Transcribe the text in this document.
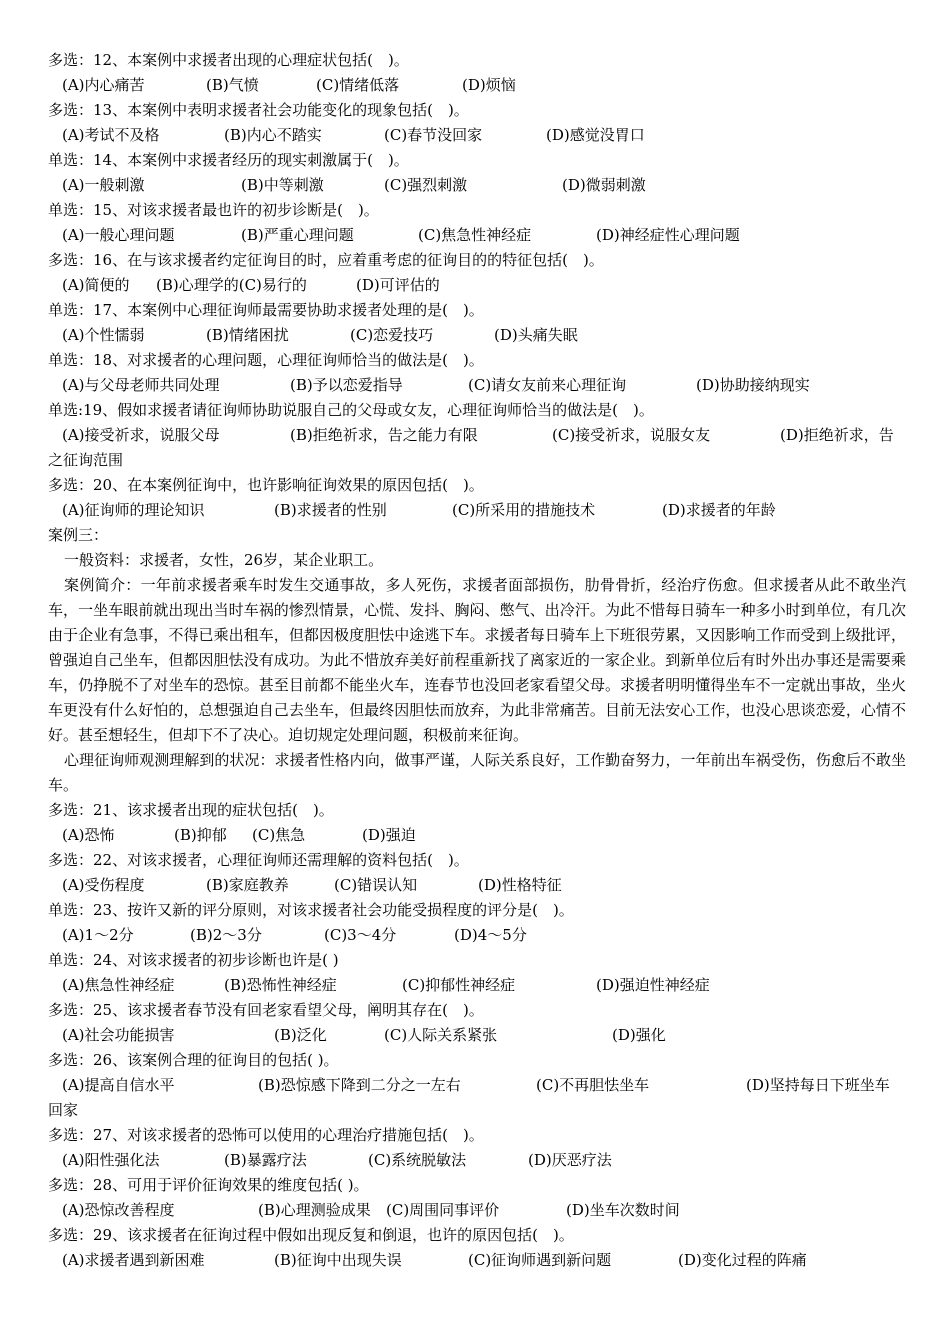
多选：12、本案例中求援者出现的心理症状包括(　)。
(A)内心痛苦	(B)气愤	(C)情绪低落	(D)烦恼
多选：13、本案例中表明求援者社会功能变化的现象包括(　)。
(A)考试不及格	(B)内心不踏实	(C)春节没回家	(D)感觉没胃口
单选：14、本案例中求援者经历的现实刺激属于(　)。
(A)一般刺激	(B)中等刺激	(C)强烈刺激	(D)微弱刺激
单选：15、对该求援者最也许的初步诊断是(　)。
(A)一般心理问题	(B)严重心理问题	(C)焦急性神经症	(D)神经症性心理问题
多选：16、在与该求援者约定征询目的时，应着重考虑的征询目的的特征包括(　)。
(A)简便的 (B)心理学的(C)易行的	(D)可评估的
单选：17、本案例中心理征询师最需要协助求援者处理的是(　)。
(A)个性懦弱	(B)情绪困扰	(C)恋爱技巧	(D)头痛失眠
单选：18、对求援者的心理问题，心理征询师恰当的做法是(　)。
(A)与父母老师共同处理	(B)予以恋爱指导	(C)请女友前来心理征询	(D)协助接纳现实
单选:19、假如求援者请征询师协助说服自己的父母或女友，心理征询师恰当的做法是(　)。
(A)接受祈求，说服父母	(B)拒绝祈求，告之能力有限	(C)接受祈求，说服女友	(D)拒绝祈求，告
之征询范围
多选：20、在本案例征询中，也许影响征询效果的原因包括(　)。
(A)征询师的理论知识	(B)求援者的性别	(C)所采用的措施技术	(D)求援者的年龄
案例三：
一般资料：求援者，女性，26岁，某企业职工。
案例简介：一年前求援者乘车时发生交通事故，多人死伤，求援者面部损伤，肋骨骨折，经治疗伤愈。但求援者从此不敢坐汽车，一坐车眼前就出现出当时车祸的惨烈情景，心慌、发抖、胸闷、憋气、出冷汗。为此不惜每日骑车一种多小时到单位，有几次由于企业有急事，不得已乘出租车，但都因极度胆怯中途逃下车。求援者每日骑车上下班很劳累，又因影响工作而受到上级批评，曾强迫自己坐车，但都因胆怯没有成功。为此不惜放弃美好前程重新找了离家近的一家企业。到新单位后有时外出办事还是需要乘车，仍挣脱不了对坐车的恐惊。甚至目前都不能坐火车，连春节也没回老家看望父母。求援者明明懂得坐车不一定就出事故，坐火车更没有什么好怕的，总想强迫自己去坐车，但最终因胆怯而放弃，为此非常痛苦。目前无法安心工作，也没心思谈恋爱，心情不好。甚至想轻生，但却下不了决心。迫切规定处理问题，积极前来征询。
心理征询师观测理解到的状况：求援者性格内向，做事严谨，人际关系良好，工作勤奋努力，一年前出车祸受伤，伤愈后不敢坐车。
多选：21、该求援者出现的症状包括(　)。
(A)恐怖	(B)抑郁 (C)焦急	(D)强迫
多选：22、对该求援者，心理征询师还需理解的资料包括(　)。
(A)受伤程度	(B)家庭教养	(C)错误认知	(D)性格特征
单选：23、按许又新的评分原则，对该求援者社会功能受损程度的评分是(　)。
(A)1～2分	(B)2～3分	(C)3～4分	(D)4～5分
单选：24、对该求援者的初步诊断也许是( )
(A)焦急性神经症	(B)恐怖性神经症	(C)抑郁性神经症	(D)强迫性神经症
多选：25、该求援者春节没有回老家看望父母，阐明其存在(　)。
(A)社会功能损害	(B)泛化	(C)人际关系紧张	(D)强化
多选：26、该案例合理的征询目的包括( )。
(A)提高自信水平	(B)恐惊感下降到二分之一左右	(C)不再胆怯坐车	(D)坚持每日下班坐车
回家
多选：27、对该求援者的恐怖可以使用的心理治疗措施包括(　)。
(A)阳性强化法	(B)暴露疗法	(C)系统脱敏法	(D)厌恶疗法
多选：28、可用于评价征询效果的维度包括( )。
(A)恐惊改善程度	(B)心理测验成果 (C)周围同事评价	(D)坐车次数时间
多选：29、该求援者在征询过程中假如出现反复和倒退，也许的原因包括(　)。
(A)求援者遇到新困难	(B)征询中出现失误	(C)征询师遇到新问题	(D)变化过程的阵痛
